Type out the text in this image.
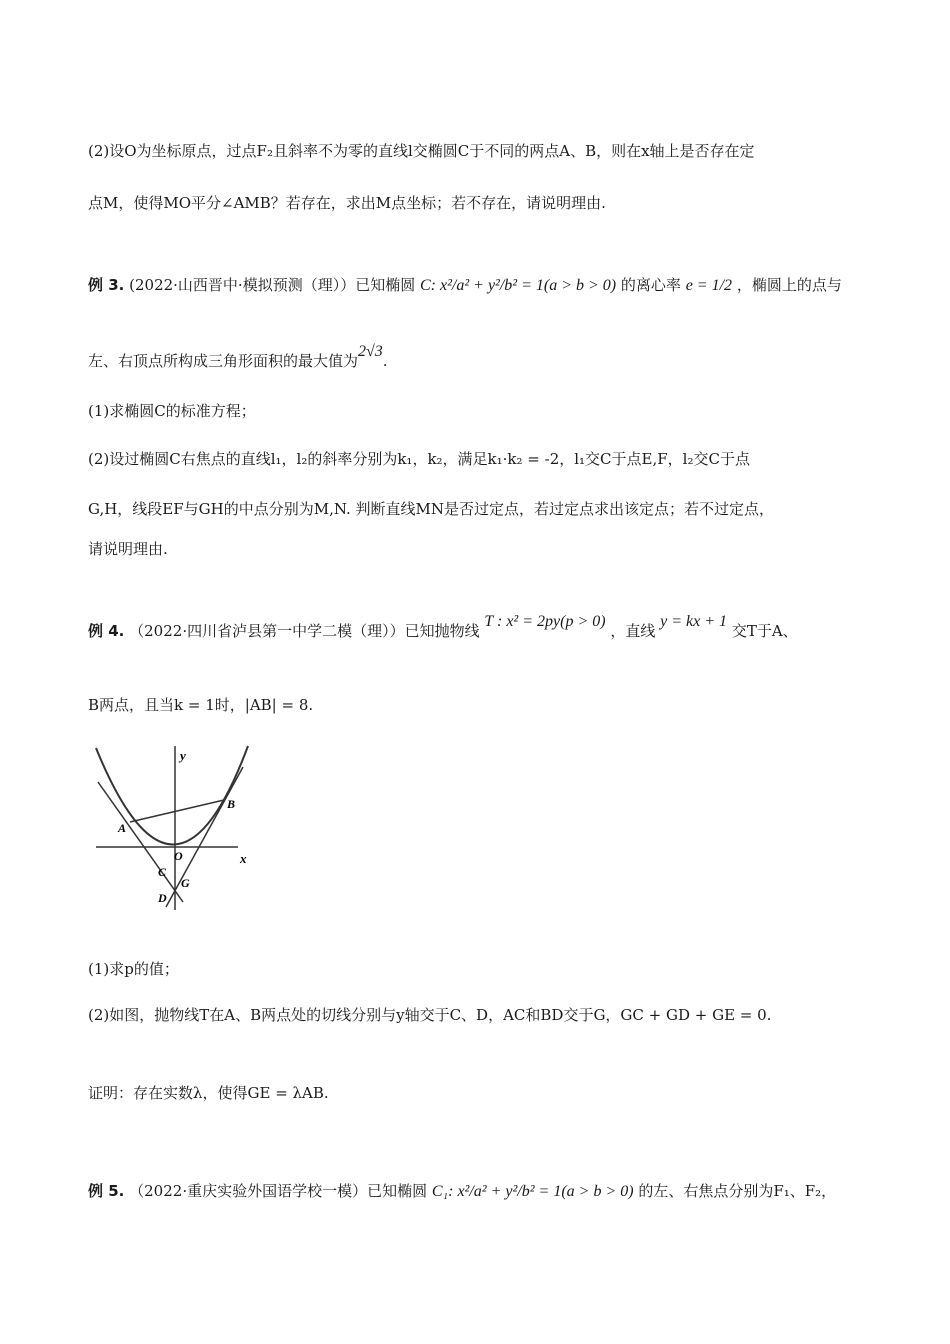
(2)设O为坐标原点，过点F₂且斜率不为零的直线l交椭圆C于不同的两点A、B，则在x轴上是否存在定
点M，使得MO平分∠AMB？若存在，求出M点坐标；若不存在，请说明理由.
例 3. (2022·山西晋中·模拟预测（理））已知椭圆 C: x²/a² + y²/b² = 1(a > b > 0) 的离心率 e = 1/2 ，椭圆上的点与
左、右顶点所构成三角形面积的最大值为2√3.
(1)求椭圆C的标准方程；
(2)设过椭圆C右焦点的直线l₁，l₂的斜率分别为k₁，k₂，满足k₁·k₂ = -2，l₁交C于点E,F，l₂交C于点
G,H，线段EF与GH的中点分别为M,N. 判断直线MN是否过定点，若过定点求出该定点；若不过定点，
请说明理由.
例 4. （2022·四川省泸县第一中学二模（理））已知抛物线 T : x² = 2py(p > 0) ，直线 y = kx + 1 交T于A、
B两点，且当k = 1时，|AB| = 8.
y
x
O
A
B
C
G
D
(1)求p的值；
(2)如图，抛物线T在A、B两点处的切线分别与y轴交于C、D，AC和BD交于G，GC + GD + GE = 0.
证明：存在实数λ，使得GE = λAB.
例 5. （2022·重庆实验外国语学校一模）已知椭圆 C₁: x²/a² + y²/b² = 1(a > b > 0) 的左、右焦点分别为F₁、F₂，
